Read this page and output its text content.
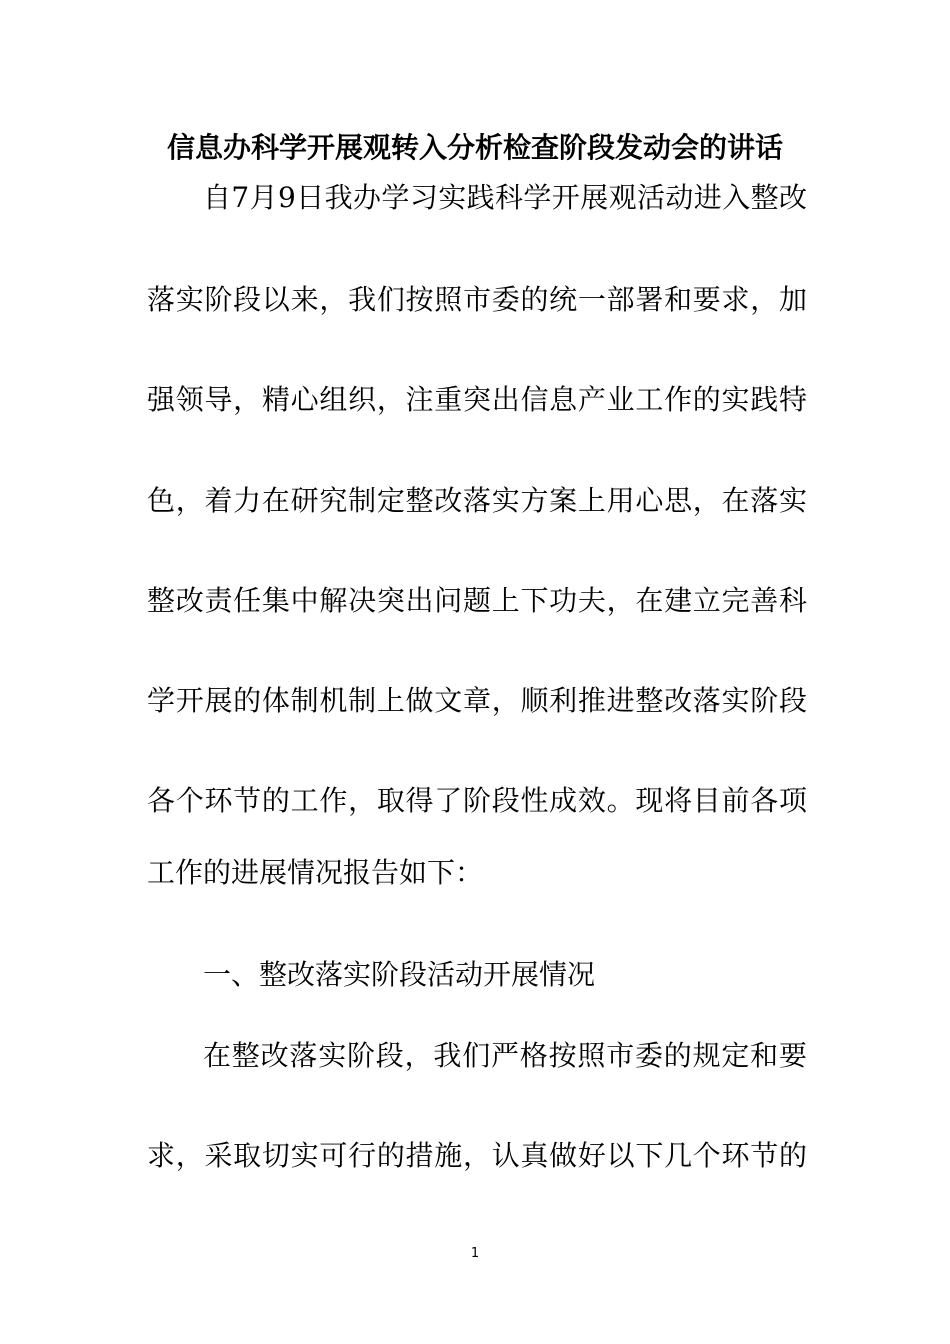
信息办科学开展观转入分析检查阶段发动会的讲话
自7月9日我办学习实践科学开展观活动进入整改
落实阶段以来，我们按照市委的统一部署和要求，加
强领导，精心组织，注重突出信息产业工作的实践特
色，着力在研究制定整改落实方案上用心思，在落实
整改责任集中解决突出问题上下功夫，在建立完善科
学开展的体制机制上做文章，顺利推进整改落实阶段
各个环节的工作，取得了阶段性成效。现将目前各项
工作的进展情况报告如下：
一、整改落实阶段活动开展情况
在整改落实阶段，我们严格按照市委的规定和要
求，采取切实可行的措施，认真做好以下几个环节的
1
